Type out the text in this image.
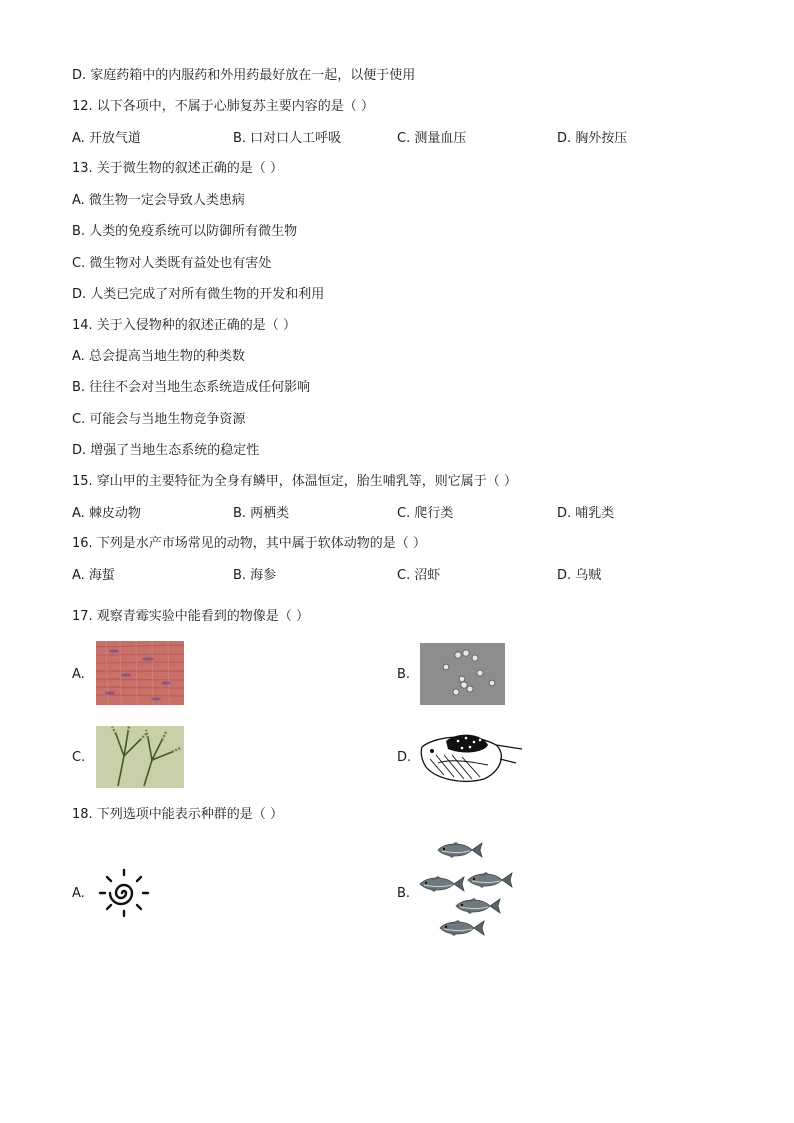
D. 家庭药箱中的内服药和外用药最好放在一起，以便于使用
12. 以下各项中，不属于心肺复苏主要内容的是（ ）
A. 开放气道	B. 口对口人工呼吸	C. 测量血压	D. 胸外按压
13. 关于微生物的叙述正确的是（ ）
A. 微生物一定会导致人类患病
B. 人类的免疫系统可以防御所有微生物
C. 微生物对人类既有益处也有害处
D. 人类已完成了对所有微生物的开发和利用
14. 关于入侵物种的叙述正确的是（ ）
A. 总会提高当地生物的种类数
B. 往往不会对当地生态系统造成任何影响
C. 可能会与当地生物竞争资源
D. 增强了当地生态系统的稳定性
15. 穿山甲的主要特征为全身有鳞甲，体温恒定，胎生哺乳等，则它属于（ ）
A. 棘皮动物	B. 两栖类	C. 爬行类	D. 哺乳类
16. 下列是水产市场常见的动物，其中属于软体动物的是（ ）
A. 海蜇	B. 海参	C. 沼虾	D. 乌贼
17. 观察青霉实验中能看到的物像是（ ）
A.	B.
C.	D.
18. 下列选项中能表示种群的是（ ）
A.	B.
